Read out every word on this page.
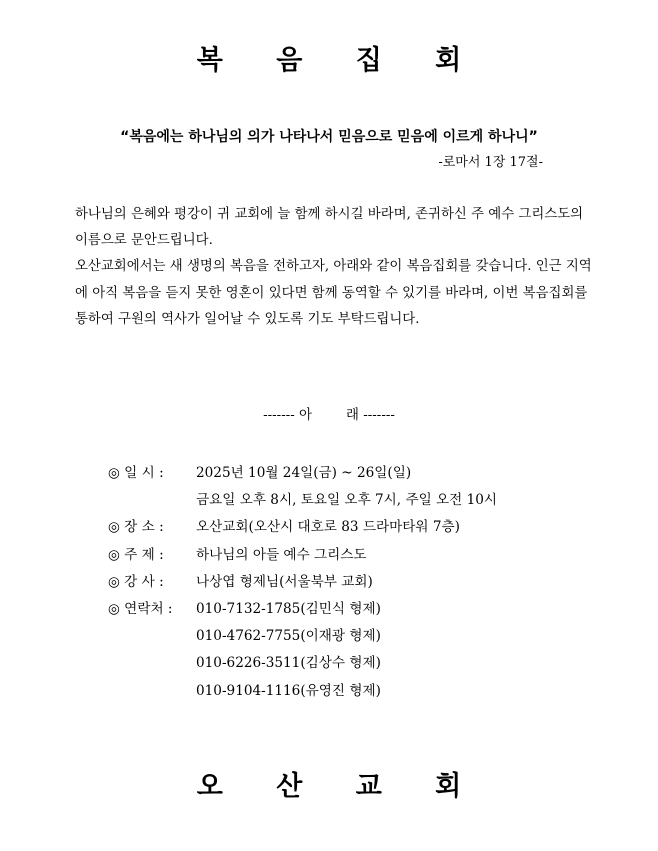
복 음 집 회
“복음에는 하나님의 의가 나타나서 믿음으로 믿음에 이르게 하나니”
-로마서 1장 17절-

하나님의 은혜와 평강이 귀 교회에 늘 함께 하시길 바라며, 존귀하신 주 예수 그리스도의 이름으로 문안드립니다.

오산교회에서는 새 생명의 복음을 전하고자, 아래와 같이 복음집회를 갖습니다. 인근 지역에 아직 복음을 듣지 못한 영혼이 있다면 함께 동역할 수 있기를 바라며, 이번 복음집회를 통하여 구원의 역사가 일어날 수 있도록 기도 부탁드립니다.

------- 아        래 -------
◎ 일 시 : 2025년 10월 24일(금) ~ 26일(일)
금요일 오후 8시, 토요일 오후 7시, 주일 오전 10시
◎ 장 소 : 오산교회(오산시 대호로 83 드라마타워 7층)
◎ 주 제 : 하나님의 아들 예수 그리스도
◎ 강 사 : 나상엽 형제님(서울북부 교회)
◎ 연락처 : 010-7132-1785(김민식 형제)
010-4762-7755(이재광 형제)
010-6226-3511(김상수 형제)
010-9104-1116(유영진 형제)
오 산 교 회
